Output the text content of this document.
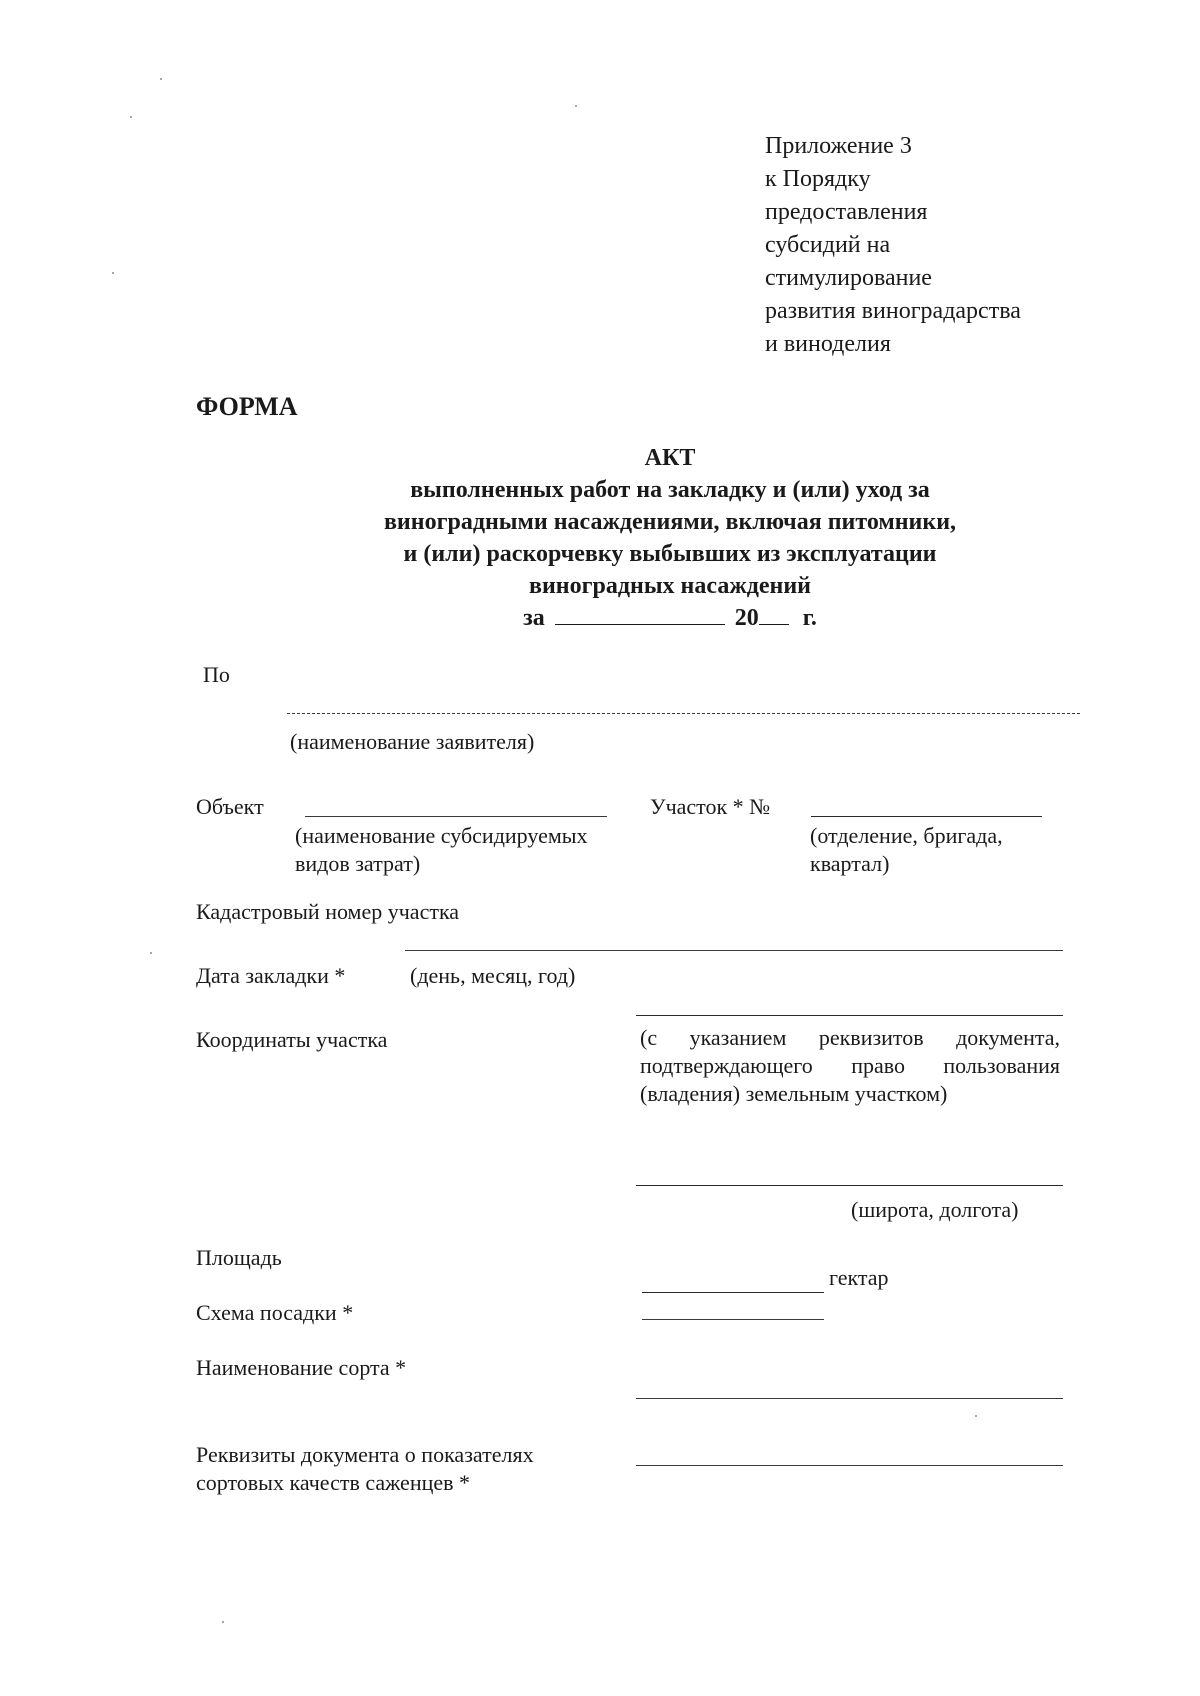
Приложение 3
к Порядку
предоставления
субсидий на
стимулирование
развития виноградарства
и виноделия
ФОРМА
АКТ
выполненных работ на закладку и (или) уход за
виноградными насаждениями, включая питомники,
и (или) раскорчевку выбывших из эксплуатации
виноградных насаждений
за	20 г.
По
(наименование заявителя)
Объект
(наименование субсидируемых
видов затрат)
Участок * №
(отделение, бригада,
квартал)
Кадастровый номер участка
Дата закладки *	(день, месяц, год)
Координаты участка	(с указанием реквизитов документа,
подтверждающего право пользования
(владения) земельным участком)
(широта, долгота)
Площадь
гектар
Схема посадки *
Наименование сорта *
Реквизиты документа о показателях
сортовых качеств саженцев *
